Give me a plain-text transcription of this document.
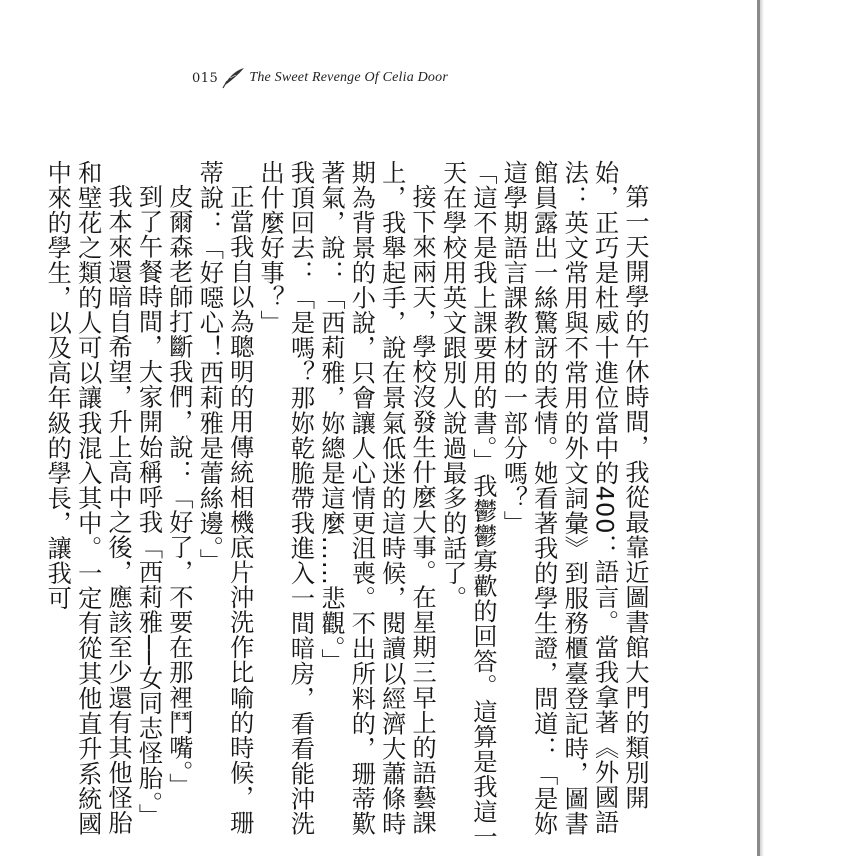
015 The Sweet Revenge Of Celia Door

第一天開學的午休時間，我從最靠近圖書館大門的類別開始，正巧是杜威十進位當中的400：語言。當我拿著《外國語法：英文常用與不常用的外文詞彙》到服務櫃臺登記時，圖書館員露出一絲驚訝的表情。她看著我的學生證，問道：「是妳這學期語言課教材的一部分嗎？」

「這不是我上課要用的書。」我鬱鬱寡歡的回答。這算是我這一天在學校用英文跟別人說過最多的話了。

接下來兩天，學校沒發生什麼大事。在星期三早上的語藝課上，我舉起手，說在景氣低迷的這時候，閱讀以經濟大蕭條時期為背景的小說，只會讓人心情更沮喪。不出所料的，珊蒂歎著氣，說：「西莉雅，妳總是這麼……悲觀。」

我頂回去：「是嗎？那妳乾脆帶我進入一間暗房，看看能沖洗出什麼好事？」

正當我自以為聰明的用傳統相機底片沖洗作比喻的時候，珊蒂說：「好噁心！西莉雅是蕾絲邊。」

皮爾森老師打斷我們，說：「好了，不要在那裡鬥嘴。」

到了午餐時間，大家開始稱呼我「西莉雅──女同志怪胎。」

我本來還暗自希望，升上高中之後，應該至少還有其他怪胎和壁花之類的人可以讓我混入其中。一定有從其他直升系統國中來的學生，以及高年級的學長，讓我可
